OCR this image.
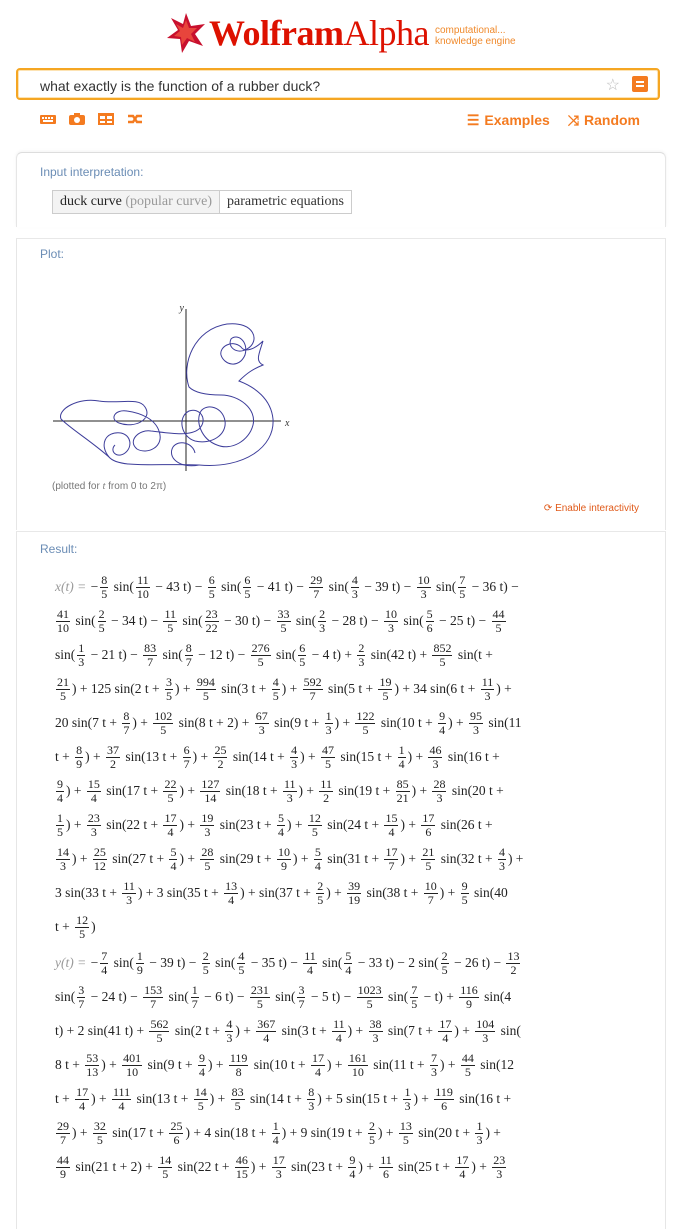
WolframAlpha computational...
knowledge engine
what exactly is the function of a rubber duck?
☆
☰ Examples ⤨ Random
Input interpretation:
duck curve (popular curve)	parametric equations
Plot:
x
y
(plotted for t from 0 to 2π)
⟳ Enable interactivity
Result:
x(t) = − $\frac{8}{5} \sin( \frac{11}{10} - 43$ $t) - \frac{6}{5} \sin( \frac{6}{5} - 41$ $t) - \frac{29}{7} \sin( \frac{4}{3} - 39$ $t) - \frac{10}{3} \sin( \frac{7}{5} - 36$ t) −
$\frac{41}{10} \sin( \frac{2}{5} - 34$ $t) - \frac{11}{5} \sin( \frac{23}{22} - 30$ $t) - \frac{33}{5} \sin( \frac{2}{3} - 28$ $t) - \frac{10}{3} \sin( \frac{5}{6} - 25$ $t) - \frac{44}{5}$
$\sin( \frac{1}{3} - 21$ $t) - \frac{83}{7} \sin( \frac{8}{7} - 12$ $t) - \frac{276}{5} \sin( \frac{6}{5} - 4$ $t) + \frac{2}{3} \sin(42$ $t) + \frac{852}{5} \sin(t$ +
$\frac{21}{5}$ ) + 125 sin(2 $t + \frac{3}{5}$ ) + $\frac{994}{5} \sin(3$ $t + \frac{4}{5}$ ) + $\frac{592}{7} \sin(5$ $t + \frac{19}{5}$ ) + 34 sin(6 $t + \frac{11}{3}$ ) +
20 sin(7 $t + \frac{8}{7}$ ) + $\frac{102}{5} \sin(8$ $t + 2) + \frac{67}{3} \sin(9$ $t + \frac{1}{3}$ ) + $\frac{122}{5} \sin(10$ $t + \frac{9}{4}$ ) + $\frac{95}{3} \sin(11$
$t + \frac{8}{9}$ ) + $\frac{37}{2} \sin(13$ $t + \frac{6}{7}$ ) + $\frac{25}{2} \sin(14$ $t + \frac{4}{3}$ ) + $\frac{47}{5} \sin(15$ $t + \frac{1}{4}$ ) + $\frac{46}{3} \sin(16$ t +
$\frac{9}{4}$ ) + $\frac{15}{4} \sin(17$ $t + \frac{22}{5}$ ) + $\frac{127}{14} \sin(18$ $t + \frac{11}{3}$ ) + $\frac{11}{2} \sin(19$ $t + \frac{85}{21}$ ) + $\frac{28}{3} \sin(20$ t +
$\frac{1}{5}$ ) + $\frac{23}{3} \sin(22$ $t + \frac{17}{4}$ ) + $\frac{19}{3} \sin(23$ $t + \frac{5}{4}$ ) + $\frac{12}{5} \sin(24$ $t + \frac{15}{4}$ ) + $\frac{17}{6} \sin(26$ t +
$\frac{14}{3}$ ) + $\frac{25}{12} \sin(27$ $t + \frac{5}{4}$ ) + $\frac{28}{5} \sin(29$ $t + \frac{10}{9}$ ) + $\frac{5}{4} \sin(31$ $t + \frac{17}{7}$ ) + $\frac{21}{5} \sin(32$ $t + \frac{4}{3}$ ) +
3 sin(33 $t + \frac{11}{3}$ ) + 3 sin(35 $t + \frac{13}{4}$ ) + sin(37 $t + \frac{2}{5}$ ) + $\frac{39}{19} \sin(38$ $t + \frac{10}{7}$ ) + $\frac{9}{5} \sin(40$
$t + \frac{12}{5}$ )
y(t) = − $\frac{7}{4} \sin( \frac{1}{9} - 39$ $t) - \frac{2}{5} \sin( \frac{4}{5} - 35$ $t) - \frac{11}{4} \sin( \frac{5}{4} - 33$ t) − 2 $\sin( \frac{2}{5} - 26$ $t) - \frac{13}{2}$
$\sin( \frac{3}{7} - 24$ $t) - \frac{153}{7} \sin( \frac{1}{7} - 6$ $t) - \frac{231}{5} \sin( \frac{3}{7} - 5$ $t) - \frac{1023}{5} \sin( \frac{7}{5} - t) + \frac{116}{9} \sin(4$
t) + 2 sin(41 $t) + \frac{562}{5} \sin(2$ $t + \frac{4}{3}$ ) + $\frac{367}{4} \sin(3$ $t + \frac{11}{4}$ ) + $\frac{38}{3} \sin(7$ $t + \frac{17}{4}$ ) + $\frac{104}{3} \sin$(
8 $t + \frac{53}{13}$ ) + $\frac{401}{10} \sin(9$ $t + \frac{9}{4}$ ) + $\frac{119}{8} \sin(10$ $t + \frac{17}{4}$ ) + $\frac{161}{10} \sin(11$ $t + \frac{7}{3}$ ) + $\frac{44}{5} \sin(12$
$t + \frac{17}{4}$ ) + $\frac{111}{4} \sin(13$ $t + \frac{14}{5}$ ) + $\frac{83}{5} \sin(14$ $t + \frac{8}{3}$ ) + 5 sin(15 $t + \frac{1}{3}$ ) + $\frac{119}{6} \sin(16$ t +
$\frac{29}{7}$ ) + $\frac{32}{5} \sin(17$ $t + \frac{25}{6}$ ) + 4 sin(18 $t + \frac{1}{4}$ ) + 9 sin(19 $t + \frac{2}{5}$ ) + $\frac{13}{5} \sin(20$ $t + \frac{1}{3}$ ) +
$\frac{44}{9} \sin(21$ $t + 2) + \frac{14}{5} \sin(22$ $t + \frac{46}{15}$ ) + $\frac{17}{3} \sin(23$ $t + \frac{9}{4}$ ) + $\frac{11}{6} \sin(25$ $t + \frac{17}{4}$ ) + $\frac{23}{3}$
